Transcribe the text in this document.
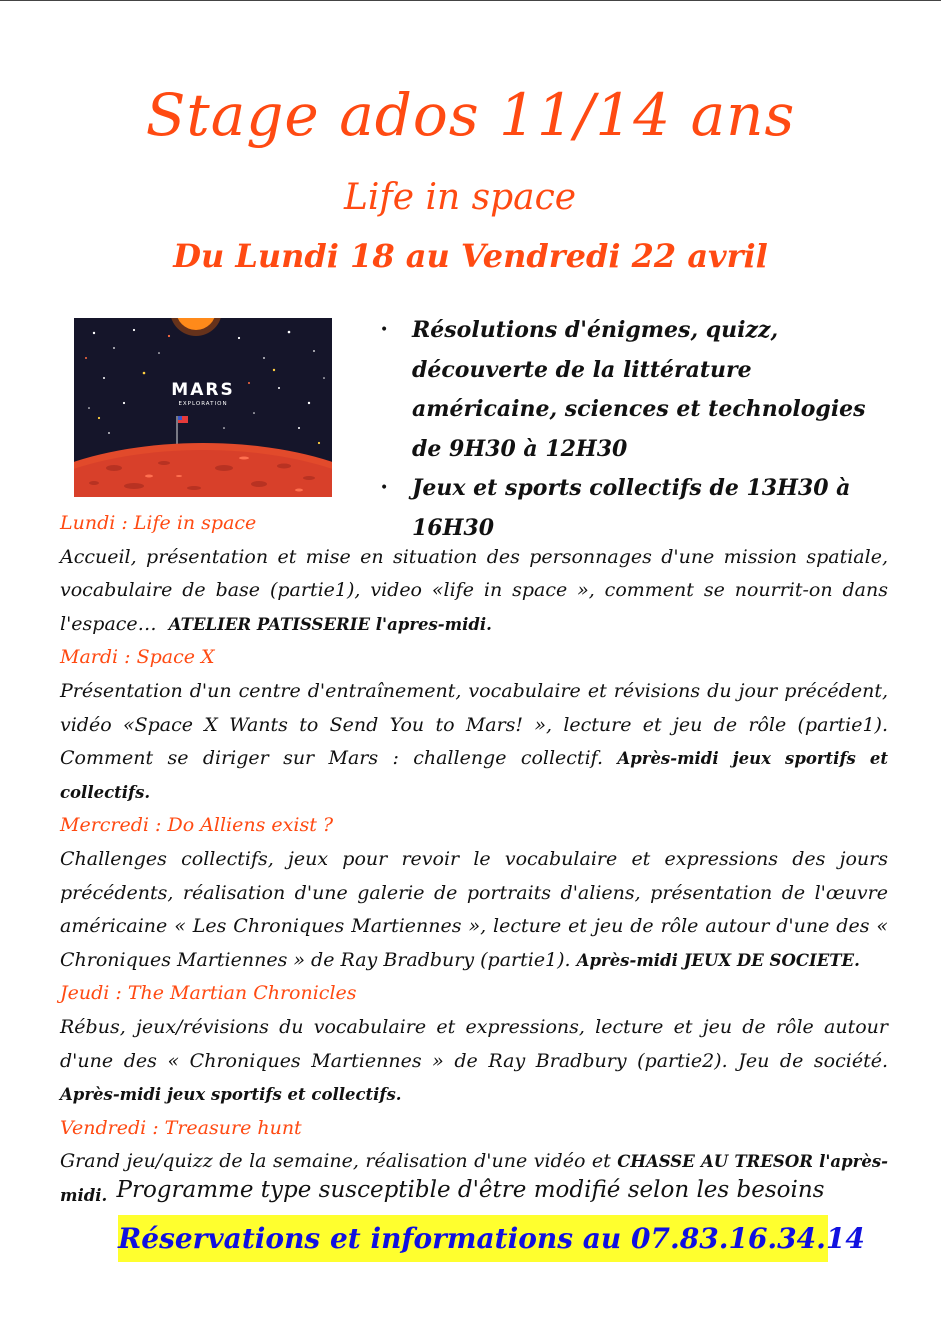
Stage ados 11/14 ans
Life in space
Du Lundi 18 au Vendredi 22 avril
MARS
EXPLORATION
• Résolutions d'énigmes, quizz, découverte de la littérature américaine, sciences et technologies de 9H30 à 12H30
• Jeux et sports collectifs de 13H30 à 16H30
Lundi : Life in space
Accueil, présentation et mise en situation des personnages d'une mission spatiale, vocabulaire de base (partie1), video «life in space », comment se nourrit-on dans l'espace… ATELIER PATISSERIE l'apres-midi.
Mardi : Space X
Présentation d'un centre d'entraînement, vocabulaire et révisions du jour précédent, vidéo «Space X Wants to Send You to Mars! », lecture et jeu de rôle (partie1). Comment se diriger sur Mars : challenge collectif. Après-midi jeux sportifs et collectifs.
Mercredi : Do Alliens exist ?
Challenges collectifs, jeux pour revoir le vocabulaire et expressions des jours précédents, réalisation d'une galerie de portraits d'aliens, présentation de l'œuvre américaine « Les Chroniques Martiennes », lecture et jeu de rôle autour d'une des « Chroniques Martiennes » de Ray Bradbury (partie1). Après-midi JEUX DE SOCIETE.
Jeudi : The Martian Chronicles
Rébus, jeux/révisions du vocabulaire et expressions, lecture et jeu de rôle autour d'une des « Chroniques Martiennes » de Ray Bradbury (partie2). Jeu de société. Après-midi jeux sportifs et collectifs.
Vendredi : Treasure hunt
Grand jeu/quizz de la semaine, réalisation d'une vidéo et CHASSE AU TRESOR l'après-midi. Programme type susceptible d'être modifié selon les besoins
Réservations et informations au 07.83.16.34.14
